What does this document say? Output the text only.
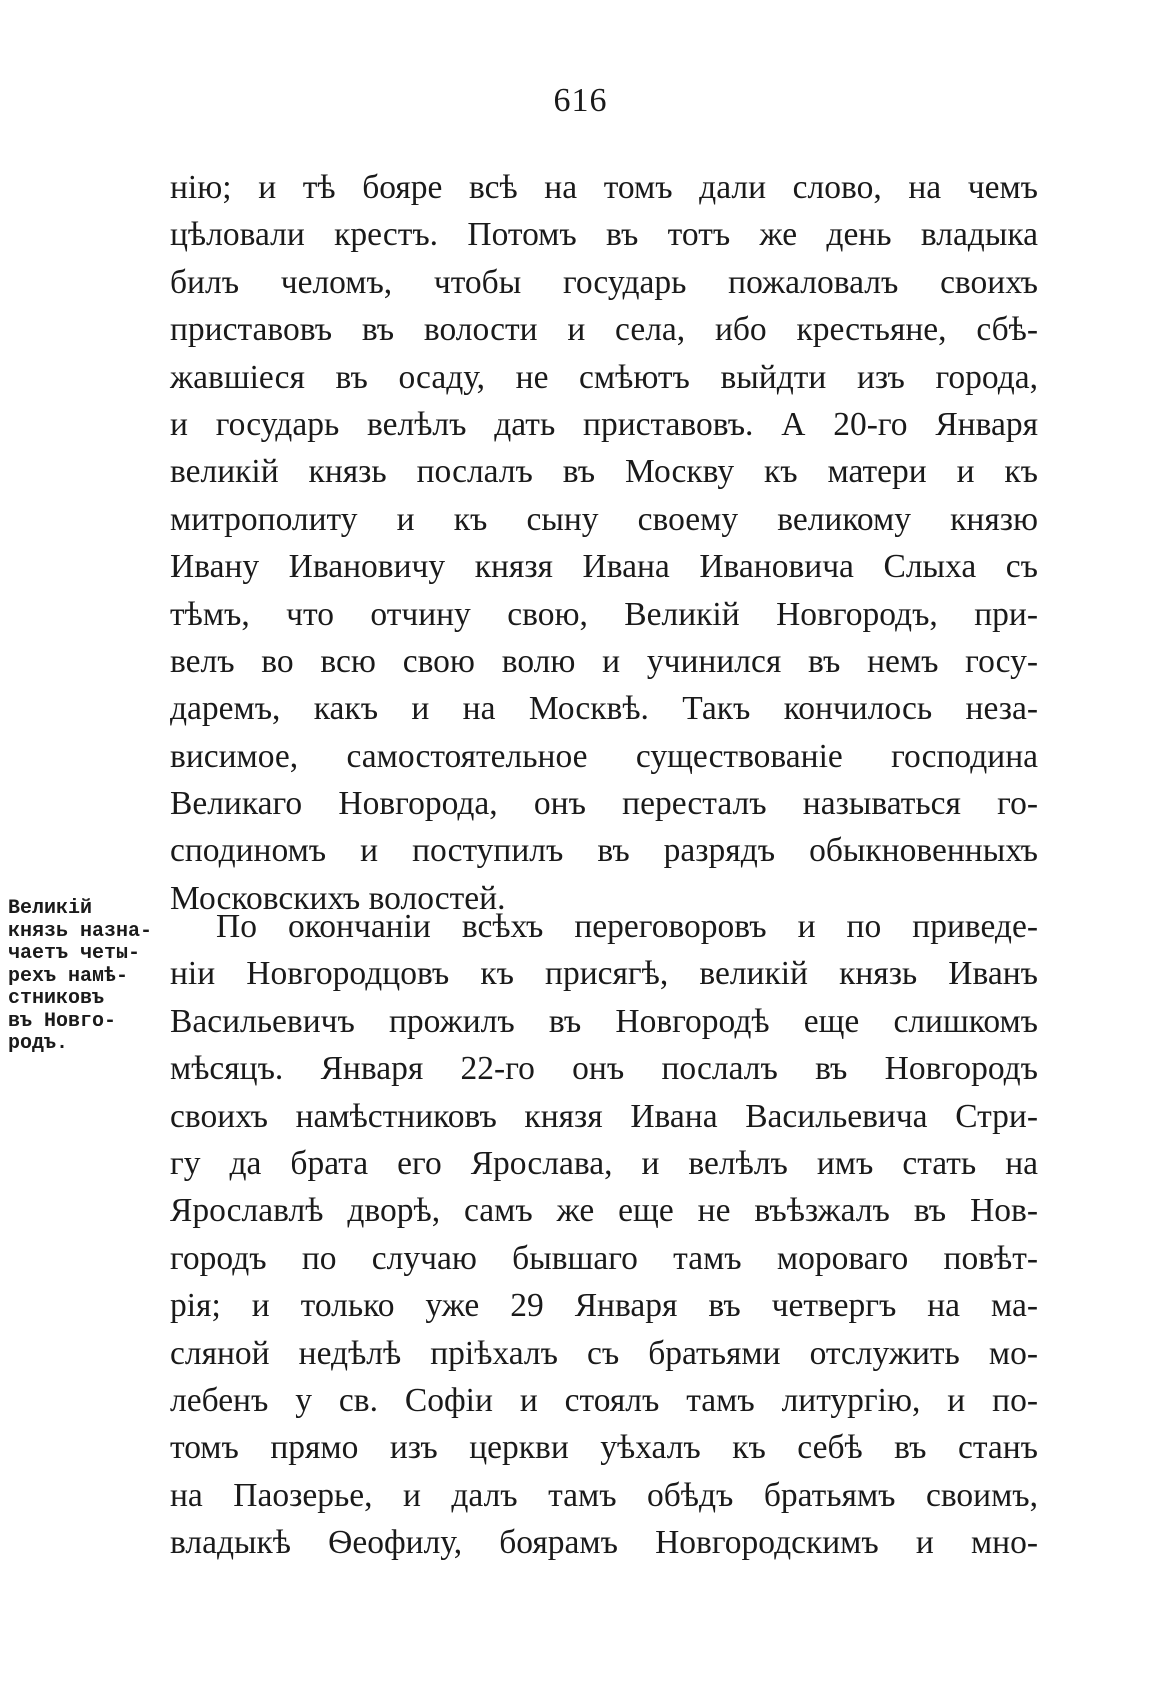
616
нію; и тѣ бояре всѣ на томъ дали слово, на чемъ
цѣловали крестъ. Потомъ въ тотъ же день владыка
билъ челомъ, чтобы государь пожаловалъ своихъ
приставовъ въ волости и села, ибо крестьяне, сбѣ-
жавшіеся въ осаду, не смѣютъ выйдти изъ города,
и государь велѣлъ дать приставовъ. А 20-го Января
великій князь послалъ въ Москву къ матери и къ
митрополиту и къ сыну своему великому князю
Ивану Ивановичу князя Ивана Ивановича Слыха съ
тѣмъ, что отчину свою, Великій Новгородъ, при-
велъ во всю свою волю и учинился въ немъ госу-
даремъ, какъ и на Москвѣ. Такъ кончилось неза-
висимое, самостоятельное существованіе господина
Великаго Новгорода, онъ пересталъ называться го-
сподиномъ и поступилъ въ разрядъ обыкновенныхъ
Московскихъ волостей.
Великій
князь назна-
чаетъ четы-
рехъ намѣ-
стниковъ
въ Новго-
родъ.
По окончаніи всѣхъ переговоровъ и по приведе-
ніи Новгородцовъ къ присягѣ, великій князь Иванъ
Васильевичъ прожилъ въ Новгородѣ еще слишкомъ
мѣсяцъ. Января 22-го онъ послалъ въ Новгородъ
своихъ намѣстниковъ князя Ивана Васильевича Стри-
гу да брата его Ярослава, и велѣлъ имъ стать на
Ярославлѣ дворѣ, самъ же еще не въѣзжалъ въ Нов-
городъ по случаю бывшаго тамъ мороваго повѣт-
рія; и только уже 29 Января въ четвергъ на ма-
сляной недѣлѣ пріѣхалъ съ братьями отслужить мо-
лебенъ у св. Софіи и стоялъ тамъ литургію, и по-
томъ прямо изъ церкви уѣхалъ къ себѣ въ станъ
на Паозерье, и далъ тамъ обѣдъ братьямъ своимъ,
владыкѣ Ѳеофилу, боярамъ Новгородскимъ и мно-
